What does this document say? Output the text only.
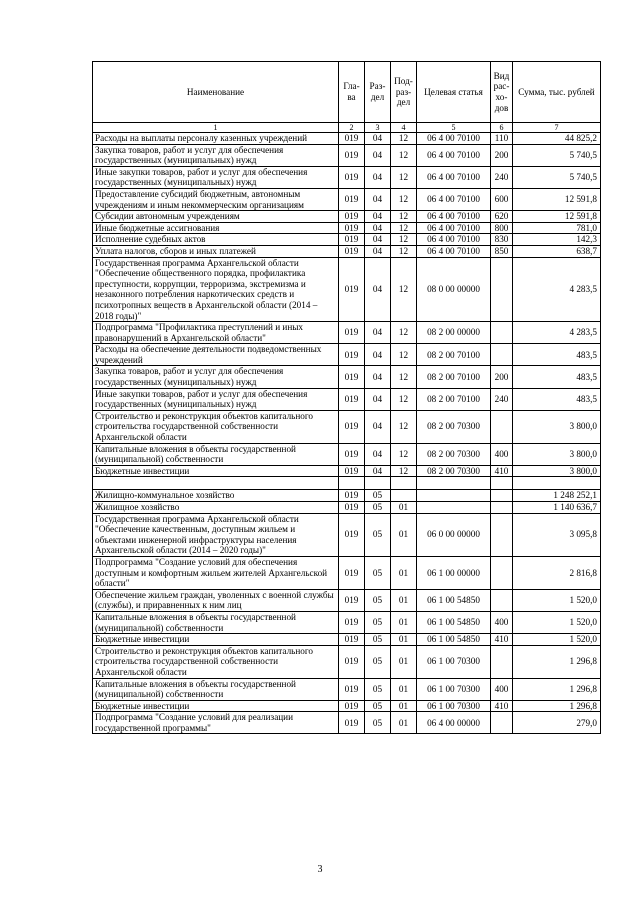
Наименование	Гла-ва	Раз-дел	Под-раз-дел	Целевая статья	Вид рас-хо-дов	Сумма, тыс. рублей
1	2	3	4	5	6	7
Расходы на выплаты персоналу казенных учреждений	019	04	12	06 4 00 70100	110	44 825,2
Закупка товаров, работ и услуг для обеспечения государственных (муниципальных) нужд	019	04	12	06 4 00 70100	200	5 740,5
Иные закупки товаров, работ и услуг для обеспечения государственных (муниципальных) нужд	019	04	12	06 4 00 70100	240	5 740,5
Предоставление субсидий бюджетным, автономным учреждениям и иным некоммерческим организациям	019	04	12	06 4 00 70100	600	12 591,8
Субсидии автономным учреждениям	019	04	12	06 4 00 70100	620	12 591,8
Иные бюджетные ассигнования	019	04	12	06 4 00 70100	800	781,0
Исполнение судебных актов	019	04	12	06 4 00 70100	830	142,3
Уплата налогов, сборов и иных платежей	019	04	12	06 4 00 70100	850	638,7
Государственная программа Архангельской области "Обеспечение общественного порядка, профилактика преступности, коррупции, терроризма, экстремизма и незаконного потребления наркотических средств и психотропных веществ в Архангельской области (2014 – 2018 годы)"	019	04	12	08 0 00 00000		4 283,5
Подпрограмма "Профилактика преступлений и иных правонарушений в Архангельской области"	019	04	12	08 2 00 00000		4 283,5
Расходы на обеспечение деятельности подведомственных учреждений	019	04	12	08 2 00 70100		483,5
Закупка товаров, работ и услуг для обеспечения государственных (муниципальных) нужд	019	04	12	08 2 00 70100	200	483,5
Иные закупки товаров, работ и услуг для обеспечения государственных (муниципальных) нужд	019	04	12	08 2 00 70100	240	483,5
Строительство и реконструкция объектов капитального строительства государственной собственности Архангельской области	019	04	12	08 2 00 70300		3 800,0
Капитальные вложения в объекты государственной (муниципальной) собственности	019	04	12	08 2 00 70300	400	3 800,0
Бюджетные инвестиции	019	04	12	08 2 00 70300	410	3 800,0

Жилищно-коммунальное хозяйство	019	05				1 248 252,1
Жилищное хозяйство	019	05	01			1 140 636,7
Государственная программа Архангельской области "Обеспечение качественным, доступным жильем и объектами инженерной инфраструктуры населения Архангельской области (2014 – 2020 годы)"	019	05	01	06 0 00 00000		3 095,8
Подпрограмма "Создание условий для обеспечения доступным и комфортным жильем жителей Архангельской области"	019	05	01	06 1 00 00000		2 816,8
Обеспечение жильем граждан, уволенных с военной службы (службы), и приравненных к ним лиц	019	05	01	06 1 00 54850		1 520,0
Капитальные вложения в объекты государственной (муниципальной) собственности	019	05	01	06 1 00 54850	400	1 520,0
Бюджетные инвестиции	019	05	01	06 1 00 54850	410	1 520,0
Строительство и реконструкция объектов капитального строительства государственной собственности Архангельской области	019	05	01	06 1 00 70300		1 296,8
Капитальные вложения в объекты государственной (муниципальной) собственности	019	05	01	06 1 00 70300	400	1 296,8
Бюджетные инвестиции	019	05	01	06 1 00 70300	410	1 296,8
Подпрограмма "Создание условий для реализации государственной программы"	019	05	01	06 4 00 00000		279,0
3
